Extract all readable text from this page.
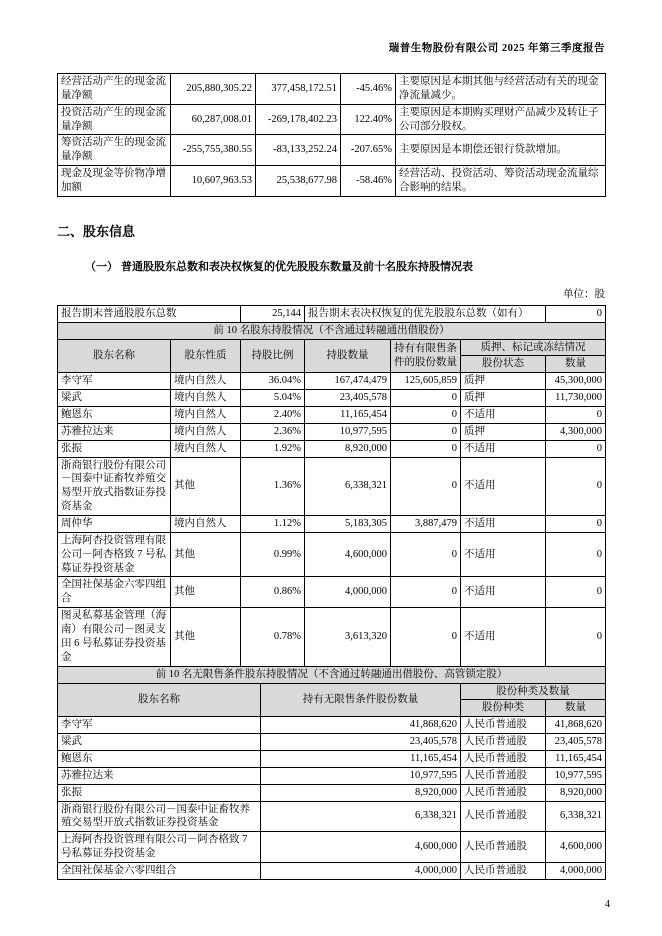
瑞普生物股份有限公司 2025 年第三季度报告
经营活动产生的现金流量净额	205,880,305.22	377,458,172.51	-45.46%	主要原因是本期其他与经营活动有关的现金净流量减少。
投资活动产生的现金流量净额	60,287,008.01	-269,178,402.23	122.40%	主要原因是本期购买理财产品减少及转让子公司部分股权。
筹资活动产生的现金流量净额	-255,755,380.55	-83,133,252.24	-207.65%	主要原因是本期偿还银行贷款增加。
现金及现金等价物净增加额	10,607,963.53	25,538,677.98	-58.46%	经营活动、投资活动、筹资活动现金流量综合影响的结果。
二、股东信息
（一） 普通股股东总数和表决权恢复的优先股股东数量及前十名股东持股情况表
单位：股
报告期末普通股股东总数		25,144	报告期末表决权恢复的优先股股东总数（如有）			0
前 10 名股东持股情况（不含通过转融通出借股份）						
股东名称	股东性质	持股比例	持股数量	持有有限售条件的股份数量	质押、标记或冻结情况	
					股份状态	数量
李守军	境内自然人	36.04%	167,474,479	125,605,859	质押	45,300,000
梁武	境内自然人	5.04%	23,405,578	0	质押	11,730,000
鲍恩东	境内自然人	2.40%	11,165,454	0	不适用	0
苏雅拉达来	境内自然人	2.36%	10,977,595	0	质押	4,300,000
张振	境内自然人	1.92%	8,920,000	0	不适用	0
浙商银行股份有限公司－国泰中证畜牧养殖交易型开放式指数证券投资基金	其他	1.36%	6,338,321	0	不适用	0
周仲华	境内自然人	1.12%	5,183,305	3,887,479	不适用	0
上海阿杏投资管理有限公司－阿杏格致 7 号私募证券投资基金	其他	0.99%	4,600,000	0	不适用	0
全国社保基金六零四组合	其他	0.86%	4,000,000	0	不适用	0
图灵私募基金管理（海南）有限公司－图灵支田 6 号私募证券投资基金	其他	0.78%	3,613,320	0	不适用	0
前 10 名无限售条件股东持股情况（不含通过转融通出借股份、高管锁定股）			
股东名称	持有无限售条件股份数量	股份种类及数量	
		股份种类	数量
李守军	41,868,620	人民币普通股	41,868,620
梁武	23,405,578	人民币普通股	23,405,578
鲍恩东	11,165,454	人民币普通股	11,165,454
苏雅拉达来	10,977,595	人民币普通股	10,977,595
张振	8,920,000	人民币普通股	8,920,000
浙商银行股份有限公司－国泰中证畜牧养殖交易型开放式指数证券投资基金	6,338,321	人民币普通股	6,338,321
上海阿杏投资管理有限公司－阿杏格致 7 号私募证券投资基金	4,600,000	人民币普通股	4,600,000
全国社保基金六零四组合	4,000,000	人民币普通股	4,000,000
4
